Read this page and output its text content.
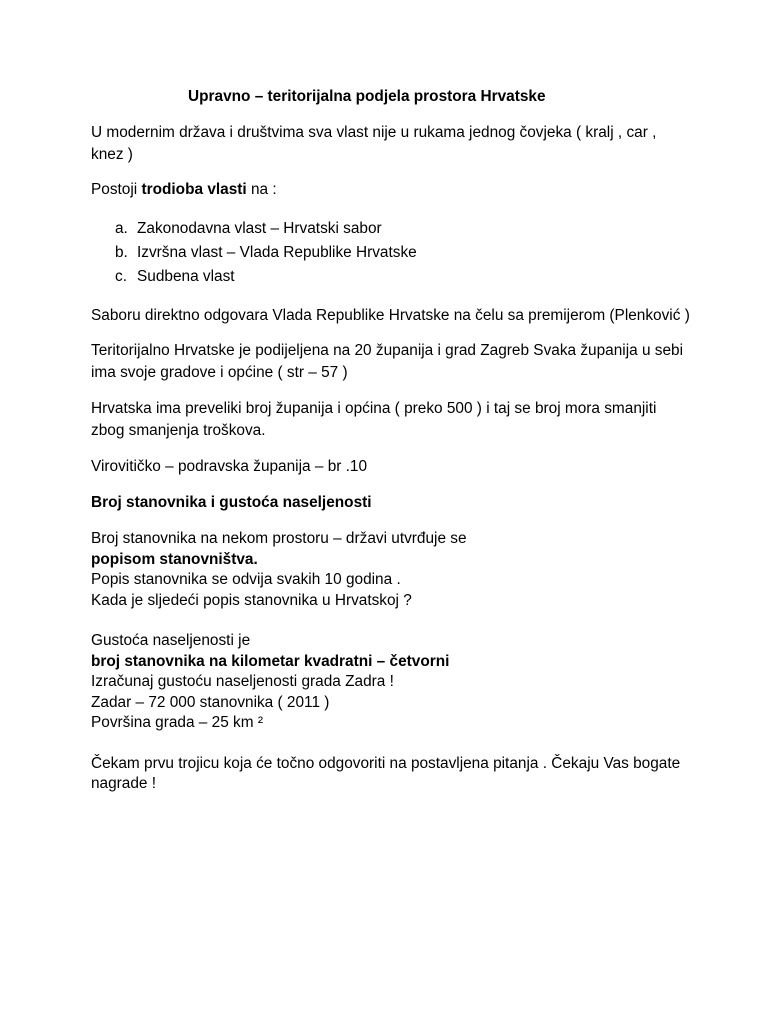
Upravno – teritorijalna podjela prostora Hrvatske

U modernim država i društvima sva vlast nije u rukama jednog čovjeka ( kralj , car , knez )

Postoji trodioba vlasti na :

a. Zakonodavna vlast – Hrvatski sabor
b. Izvršna vlast – Vlada Republike Hrvatske
c. Sudbena vlast

Saboru direktno odgovara Vlada Republike Hrvatske na čelu sa premijerom (Plenković )

Teritorijalno Hrvatske je podijeljena na 20 županija i grad Zagreb Svaka županija u sebi ima svoje gradove i općine ( str – 57 )

Hrvatska ima preveliki broj županija i općina ( preko 500 ) i taj se broj mora smanjiti zbog smanjenja troškova.

Virovitičko – podravska županija – br .10

Broj stanovnika i gustoća naseljenosti

Broj stanovnika na nekom prostoru – državi utvrđuje se
popisom stanovništva.
Popis stanovnika se odvija svakih 10 godina .
Kada je sljedeći popis stanovnika u Hrvatskoj ?
Gustoća naseljenosti je
broj stanovnika na kilometar kvadratni – četvorni
Izračunaj gustoću naseljenosti grada Zadra !
Zadar – 72 000 stanovnika ( 2011 )
Površina grada – 25 km ²

Čekam prvu trojicu koja će točno odgovoriti na postavljena pitanja . Čekaju Vas bogate nagrade !
